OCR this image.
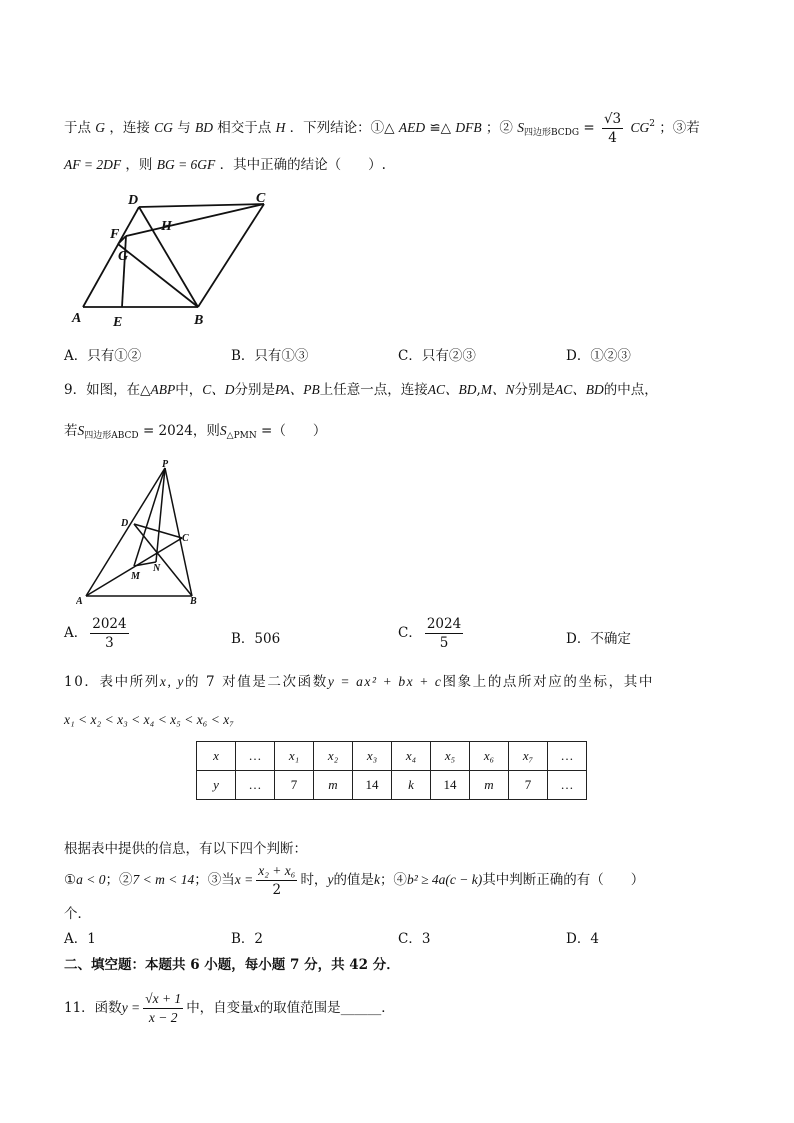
于点 G ，连接 CG 与 BD 相交于点 H ．下列结论：①△ AED ≌△ DFB ；② $S_{四边形BCDG} = \frac{√3}{4} CG^2$ ；③若
AF = 2DF ，则 BG = 6GF ．其中正确的结论（　　）.
D	C
H
F
G
A E	B
A．只有①②	B．只有①③	C．只有②③	D．①②③
9．如图，在△ABP中，C、D分别是PA、PB上任意一点，连接AC、BD,M、N分别是AC、BD的中点，
若$S_{四边形ABCD} = 2024$，则$S_{\triangle PMN}$ =（　　）
P
D
C
M
N
A	B
A． $\frac{2024}{3}$	B．506	C． $\frac{2024}{5}$	D．不确定
10．表中所列x, y的 7 对值是二次函数y = ax² + bx + c图象上的点所对应的坐标，其中
x₁ < x₂ < x₃ < x₄ < x₅ < x₆ < x₇
x	…	x₁	x₂	x₃	x₄	x₅	x₆	x₇	…
y	…	7	m	14	k	14	m	7	…
根据表中提供的信息，有以下四个判断：
①a < 0；②7 < m < 14；③当$x = \frac{\text{x₂ + x₆}}{2}$ 时，y的值是k；④b² ≥ 4a(c − k)其中判断正确的有（　　）
个．
A．1	B．2	C．3	D．4
二、填空题：本题共 6 小题，每小题 7 分，共 42 分．
11．函数$y = \frac{√x + 1}{x - 2}$ 中，自变量x的取值范围是______．
